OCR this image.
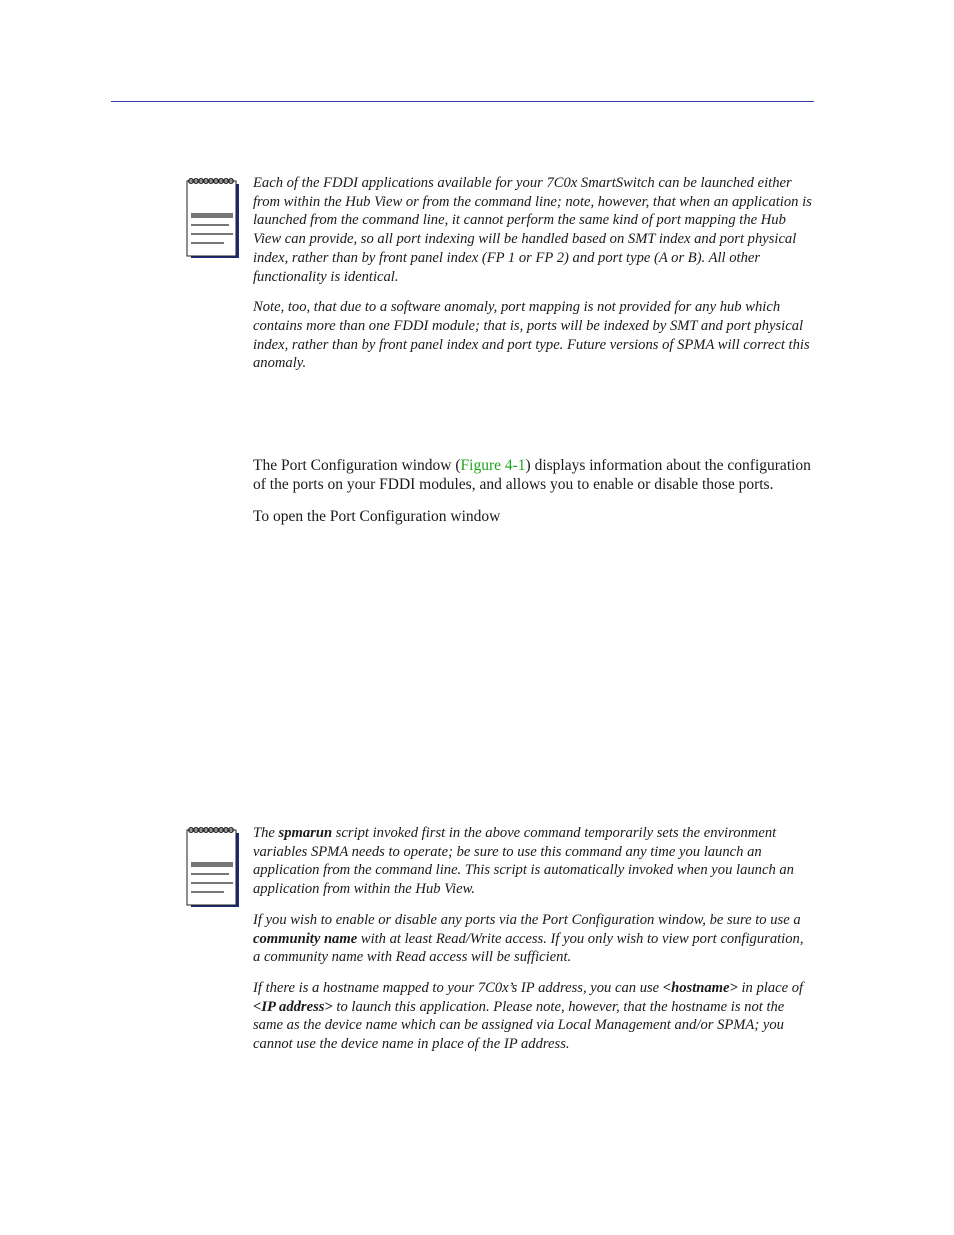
Each of the FDDI applications available for your 7C0x SmartSwitch can be launched either from within the Hub View or from the command line; note, however, that when an application is launched from the command line, it cannot perform the same kind of port mapping the Hub View can provide, so all port indexing will be handled based on SMT index and port physical index, rather than by front panel index (FP 1 or FP 2) and port type (A or B). All other functionality is identical.

Note, too, that due to a software anomaly, port mapping is not provided for any hub which contains more than one FDDI module; that is, ports will be indexed by SMT and port physical index, rather than by front panel index and port type. Future versions of SPMA will correct this anomaly.

The Port Configuration window (Figure 4-1) displays information about the configuration of the ports on your FDDI modules, and allows you to enable or disable those ports.

To open the Port Configuration window

The spmarun script invoked first in the above command temporarily sets the environment variables SPMA needs to operate; be sure to use this command any time you launch an application from the command line. This script is automatically invoked when you launch an application from within the Hub View.

If you wish to enable or disable any ports via the Port Configuration window, be sure to use a community name with at least Read/Write access. If you only wish to view port configuration, a community name with Read access will be sufficient.

If there is a hostname mapped to your 7C0x’s IP address, you can use <hostname> in place of <IP address> to launch this application. Please note, however, that the hostname is not the same as the device name which can be assigned via Local Management and/or SPMA; you cannot use the device name in place of the IP address.
